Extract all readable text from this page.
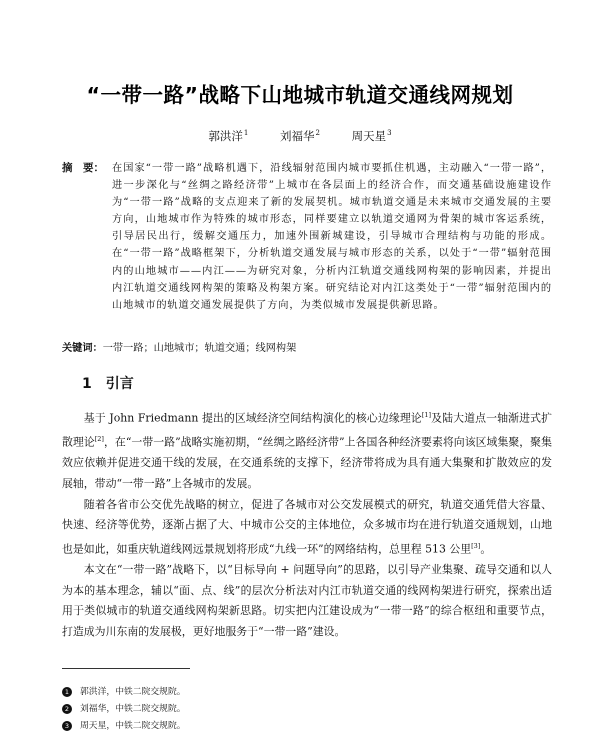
“一带一路”战略下山地城市轨道交通线网规划
郭洪洋$^1$	刘福华$^2$	周天星$^3$
摘　要： 在国家“一带一路”战略机遇下，沿线辐射范围内城市要抓住机遇，主动融入“一带一路”，进一步深化与“丝绸之路经济带”上城市在各层面上的经济合作，而交通基础设施建设作为“一带一路”战略的支点迎来了新的发展契机。城市轨道交通是未来城市交通发展的主要方向，山地城市作为特殊的城市形态，同样要建立以轨道交通网为骨架的城市客运系统，引导居民出行，缓解交通压力，加速外围新城建设，引导城市合理结构与功能的形成。在“一带一路”战略框架下，分析轨道交通发展与城市形态的关系，以处于“一带”辐射范围内的山地城市——内江——为研究对象，分析内江轨道交通线网构架的影响因素，并提出内江轨道交通线网构架的策略及构架方案。研究结论对内江这类处于“一带”辐射范围内的山地城市的轨道交通发展提供了方向，为类似城市发展提供新思路。
关键词：一带一路；山地城市；轨道交通；线网构架
1 引言

基于 John Friedmann 提出的区域经济空间结构演化的核心边缘理论[1]及陆大道点一轴渐进式扩散理论[2]，在“一带一路”战略实施初期，“丝绸之路经济带”上各国各种经济要素将向该区域集聚，聚集效应依赖并促进交通干线的发展，在交通系统的支撑下，经济带将成为具有通大集聚和扩散效应的发展轴，带动“一带一路”上各城市的发展。

随着各省市公交优先战略的树立，促进了各城市对公交发展模式的研究，轨道交通凭借大容量、快速、经济等优势，逐渐占据了大、中城市公交的主体地位，众多城市均在进行轨道交通规划，山地也是如此，如重庆轨道线网远景规划将形成“九线一环”的网络结构，总里程 513 公里[3]。

本文在“一带一路”战略下，以“目标导向 + 问题导向”的思路，以引导产业集聚、疏导交通和以人为本的基本理念，辅以“面、点、线”的层次分析法对内江市轨道交通的线网构架进行研究，探索出适用于类似城市的轨道交通线网构架新思路。切实把内江建设成为“一带一路”的综合枢纽和重要节点，打造成为川东南的发展极，更好地服务于“一带一路”建设。

1 郭洪洋，中铁二院交规院。
2 刘福华，中铁二院交规院。
3 周天星，中铁二院交规院。
